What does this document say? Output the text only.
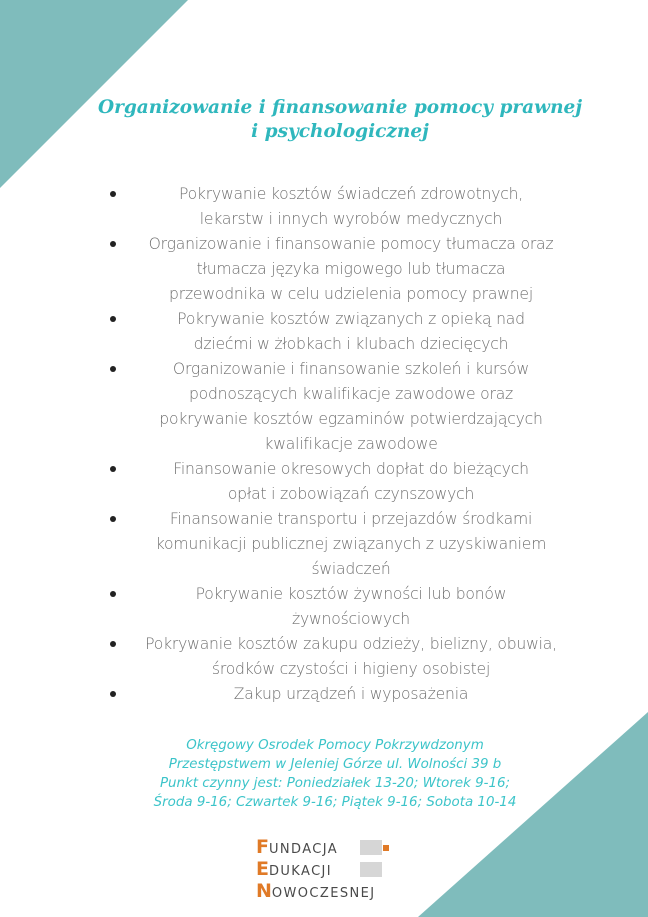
Organizowanie i finansowanie pomocy prawnej
i psychologicznej
Pokrywanie kosztów świadczeń zdrowotnych,
lekarstw i innych wyrobów medycznych
Organizowanie i finansowanie pomocy tłumacza oraz
tłumacza języka migowego lub tłumacza
przewodnika w celu udzielenia pomocy prawnej
Pokrywanie kosztów związanych z opieką nad
dziećmi w żłobkach i klubach dziecięcych
Organizowanie i finansowanie szkoleń i kursów
podnoszących kwalifikacje zawodowe oraz
pokrywanie kosztów egzaminów potwierdzających
kwalifikacje zawodowe
Finansowanie okresowych dopłat do bieżących
opłat i zobowiązań czynszowych
Finansowanie transportu i przejazdów środkami
komunikacji publicznej związanych z uzyskiwaniem
świadczeń
Pokrywanie kosztów żywności lub bonów
żywnościowych
Pokrywanie kosztów zakupu odzieży, bielizny, obuwia,
środków czystości i higieny osobistej
Zakup urządzeń i wyposażenia
Okręgowy Osrodek Pomocy Pokrzywdzonym
Przestępstwem w Jeleniej Górze ul. Wolności 39 b
Punkt czynny jest: Poniedziałek 13-20; Wtorek 9-16;
Środa 9-16; Czwartek 9-16; Piątek 9-16; Sobota 10-14
FUNDACJA
EDUKACJI
NOWOCZESNEJ
